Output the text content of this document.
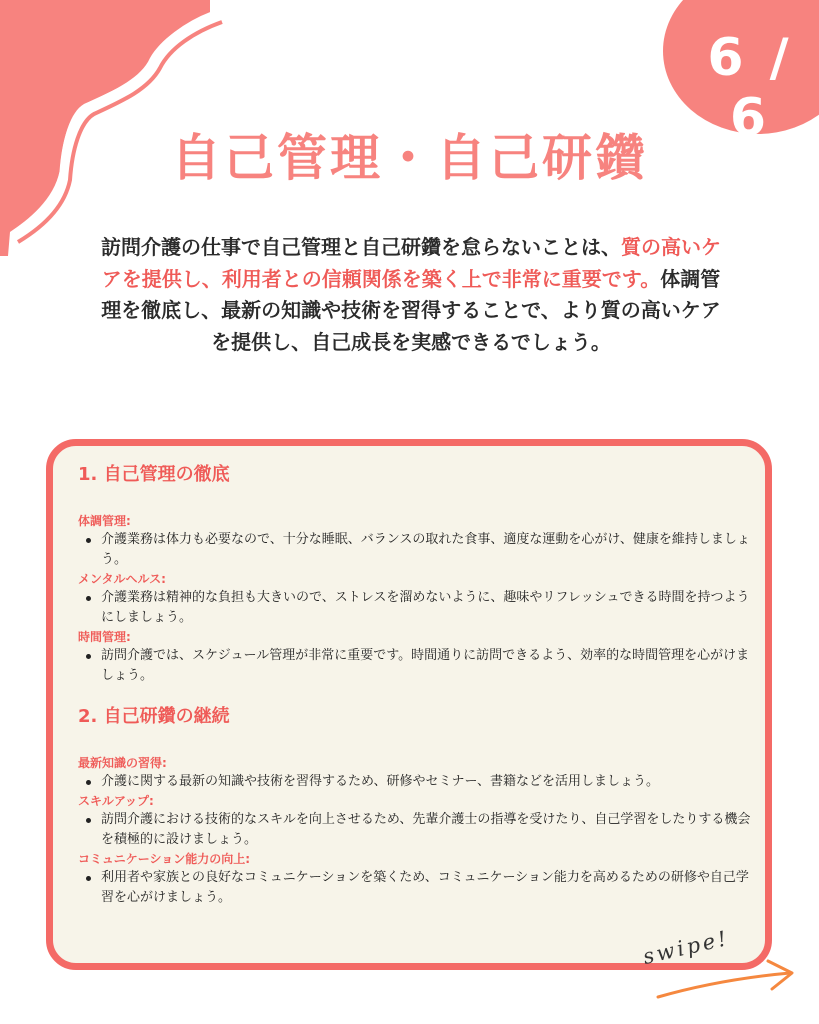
6 / 6
自己管理・自己研鑽

訪問介護の仕事で自己管理と自己研鑽を怠らないことは、質の高いケアを提供し、利用者との信頼関係を築く上で非常に重要です。体調管理を徹底し、最新の知識や技術を習得することで、より質の高いケアを提供し、自己成長を実感できるでしょう。

1. 自己管理の徹底
体調管理:
介護業務は体力も必要なので、十分な睡眠、バランスの取れた食事、適度な運動を心がけ、健康を維持しましょう。
メンタルヘルス:
介護業務は精神的な負担も大きいので、ストレスを溜めないように、趣味やリフレッシュできる時間を持つようにしましょう。
時間管理:
訪問介護では、スケジュール管理が非常に重要です。時間通りに訪問できるよう、効率的な時間管理を心がけましょう。
2. 自己研鑽の継続
最新知識の習得:
介護に関する最新の知識や技術を習得するため、研修やセミナー、書籍などを活用しましょう。
スキルアップ:
訪問介護における技術的なスキルを向上させるため、先輩介護士の指導を受けたり、自己学習をしたりする機会を積極的に設けましょう。
コミュニケーション能力の向上:
利用者や家族との良好なコミュニケーションを築くため、コミュニケーション能力を高めるための研修や自己学習を心がけましょう。
swipe!
